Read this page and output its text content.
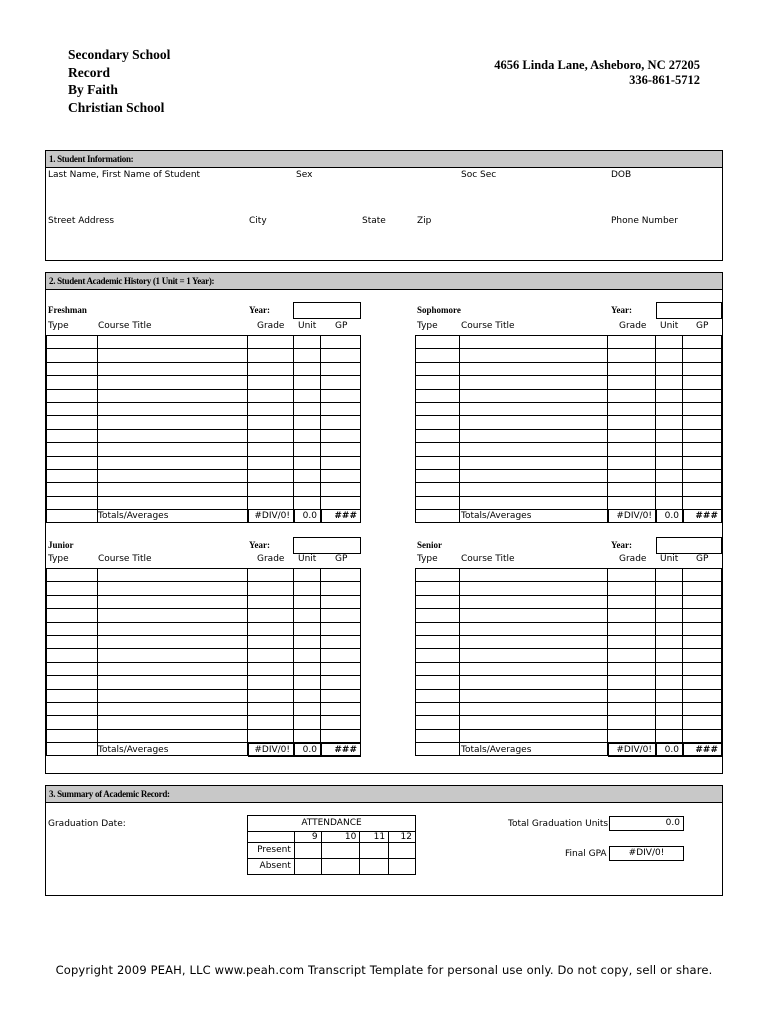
Secondary School
Record
By Faith
Christian School
4656 Linda Lane, Asheboro, NC 27205
336-861-5712
1. Student Information:
Last Name, First Name of Student	Sex	Soc Sec	DOB
Street Address	City	State	Zip	Phone Number
2. Student Academic History (1 Unit = 1 Year):
Freshman	Year:
Type	Course Title	Grade Unit GP

Totals/Averages	#DIV/0!	0.0	###
Sophomore	Year:
Type	Course Title	Grade Unit GP

Totals/Averages	#DIV/0!	0.0	###
Junior	Year:
Type	Course Title	Grade Unit GP

Totals/Averages	#DIV/0!	0.0	###
Senior	Year:
Type	Course Title	Grade Unit GP

Totals/Averages	#DIV/0!	0.0	###
3. Summary of Academic Record:
Graduation Date:	ATTENDANCE				
	9	10	11	12
Present				
Absent				
Total Graduation Units	0.0
Final GPA	#DIV/0!
Copyright 2009 PEAH, LLC www.peah.com Transcript Template for personal use only. Do not copy, sell or share.
